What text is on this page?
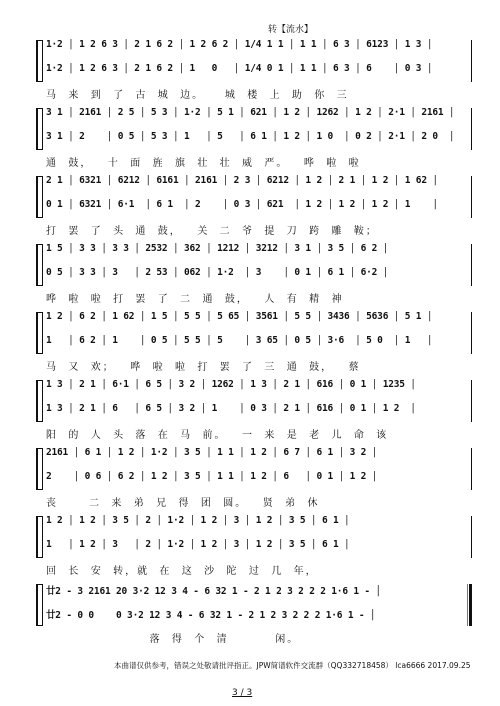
转【流水】
1·2 │ 1 2 6 3 │ 2 1 6 2 │ 1 2 6 2 │ 1/4 1 1 │ 1 1 │ 6 3 │ 6123 │ 1 3 │
1·2 │ 1 2 6 3 │ 2 1 6 2 │ 1   0   │ 1/4 0 1 │ 1 1 │ 6 3 │ 6    │ 0 3 │
马  来  到  了  古  城  边。    城  楼  上  助  你  三
3 1 │ 2161 │ 2 5 │ 5 3 │ 1·2 │ 5 1 │ 621 │ 1 2 │ 1262 │ 1 2 │ 2·1 │ 2161 │
3 1 │ 2    │ 0 5 │ 5 3 │ 1   │ 5   │ 6 1 │ 1 2 │ 1 0  │ 0 2 │ 2·1 │ 2 0  │
通  鼓，   十  面  旌  旗  壮  壮  威  严。   哗  啦  啦
2 1 │ 6321 │ 6212 │ 6161 │ 2161 │ 2 3 │ 6212 │ 1 2 │ 2 1 │ 1 2 │ 1 62 │
0 1 │ 6321 │ 6·1  │ 6 1  │ 2    │ 0 3 │ 621  │ 1 2 │ 1 2 │ 1 2 │ 1    │
打  罢  了  头  通  鼓，   关  二  爷  提  刀  跨  雕  鞍；
1 5 │ 3 3 │ 3 3 │ 2532 │ 362 │ 1212 │ 3212 │ 3 1 │ 3 5 │ 6 2 │
0 5 │ 3 3 │ 3   │ 2 53 │ 062 │ 1·2  │ 3    │ 0 1 │ 6 1 │ 6·2 │
哗  啦  啦  打  罢  了  二  通  鼓，   人  有  精  神
1 2 │ 6 2 │ 1 62 │ 1 5 │ 5 5 │ 5 65 │ 3561 │ 5 5 │ 3436 │ 5636 │ 5 1 │
1   │ 6 2 │ 1    │ 0 5 │ 5 5 │ 5    │ 3 65 │ 0 5 │ 3·6  │ 5 0  │ 1   │
马  又  欢；   哗  啦  啦  打  罢  了  三  通  鼓，   蔡
1 3 │ 2 1 │ 6·1 │ 6 5 │ 3 2 │ 1262 │ 1 3 │ 2 1 │ 616 │ 0 1 │ 1235 │
1 3 │ 2 1 │ 6   │ 6 5 │ 3 2 │ 1    │ 0 3 │ 2 1 │ 616 │ 0 1 │ 1 2  │
阳  的  人  头  落  在  马  前。   一  来  是  老  儿  命  该
2161 │ 6 1 │ 1 2 │ 1·2 │ 3 5 │ 1 1 │ 1 2 │ 6 7 │ 6 1 │ 3 2 │
2    │ 0 6 │ 6 2 │ 1 2 │ 3 5 │ 1 1 │ 1 2 │ 6   │ 0 1 │ 1 2 │
丧      二  来  弟  兄  得  团  圆。   贤  弟  休
1 2 │ 1 2 │ 3 5 │ 2 │ 1·2 │ 1 2 │ 3 │ 1 2 │ 3 5 │ 6 1 │
1   │ 1 2 │ 3   │ 2 │ 1·2 │ 1 2 │ 3 │ 1 2 │ 3 5 │ 6 1 │
回  长  安  转，就  在  这  沙  陀  过  几  年，
廿2 - 3 2161 20 3·2 12 3 4 - 6 32 1 - 2 1 2 3 2 2 2 1·6 1 - │
廿2 - 0 0    0 3·2 12 3 4 - 6 32 1 - 2 1 2 3 2 2 2 1·6 1 - │
落  得  个  清         闲。
本曲谱仅供参考，错误之处敬请批评指正。JPW简谱软件交流群（QQ332718458） lca6666 2017.09.25
3 / 3
